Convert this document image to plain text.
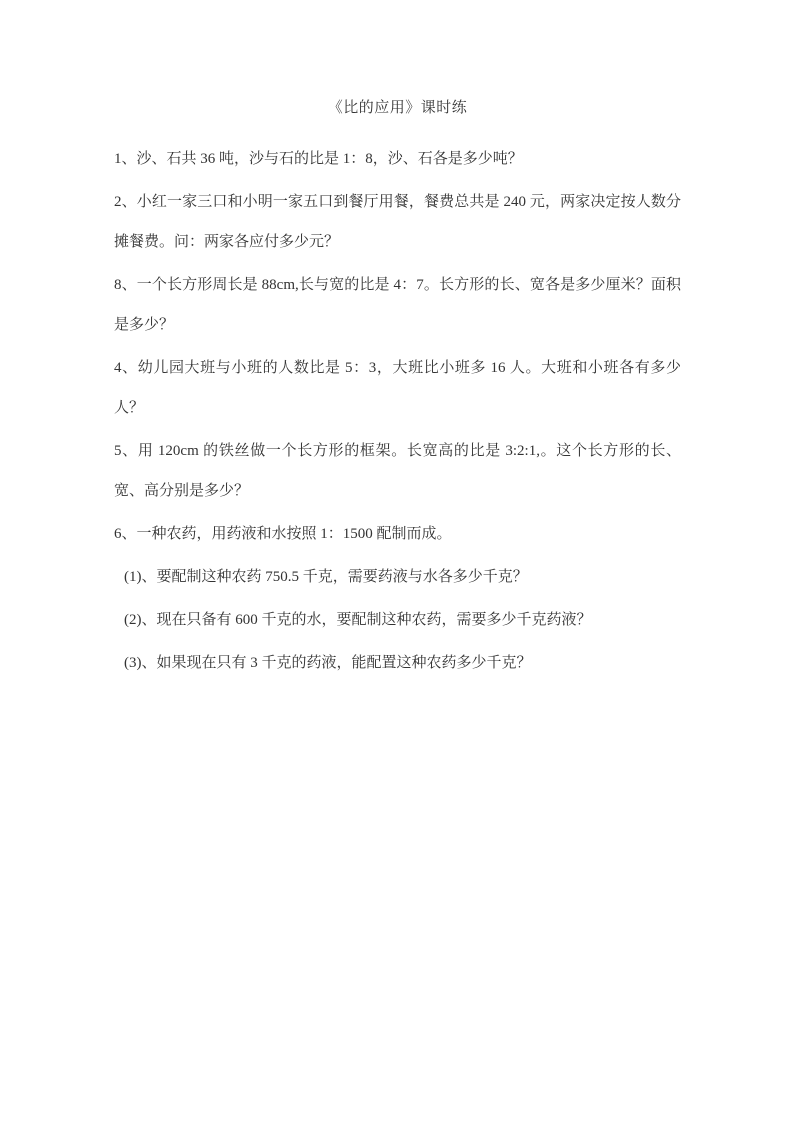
《比的应用》课时练

1、沙、石共 36 吨，沙与石的比是 1：8，沙、石各是多少吨？

2、小红一家三口和小明一家五口到餐厅用餐，餐费总共是 240 元，两家决定按人数分摊餐费。问：两家各应付多少元？

8、一个长方形周长是 88cm,长与宽的比是 4：7。长方形的长、宽各是多少厘米？面积是多少？

4、幼儿园大班与小班的人数比是 5：3，大班比小班多 16 人。大班和小班各有多少人？

5、用 120cm 的铁丝做一个长方形的框架。长宽高的比是 3:2:1,。这个长方形的长、宽、高分别是多少？

6、一种农药，用药液和水按照 1：1500 配制而成。

(1)、要配制这种农药 750.5 千克，需要药液与水各多少千克？

(2)、现在只备有 600 千克的水，要配制这种农药，需要多少千克药液？

(3)、如果现在只有 3 千克的药液，能配置这种农药多少千克？
